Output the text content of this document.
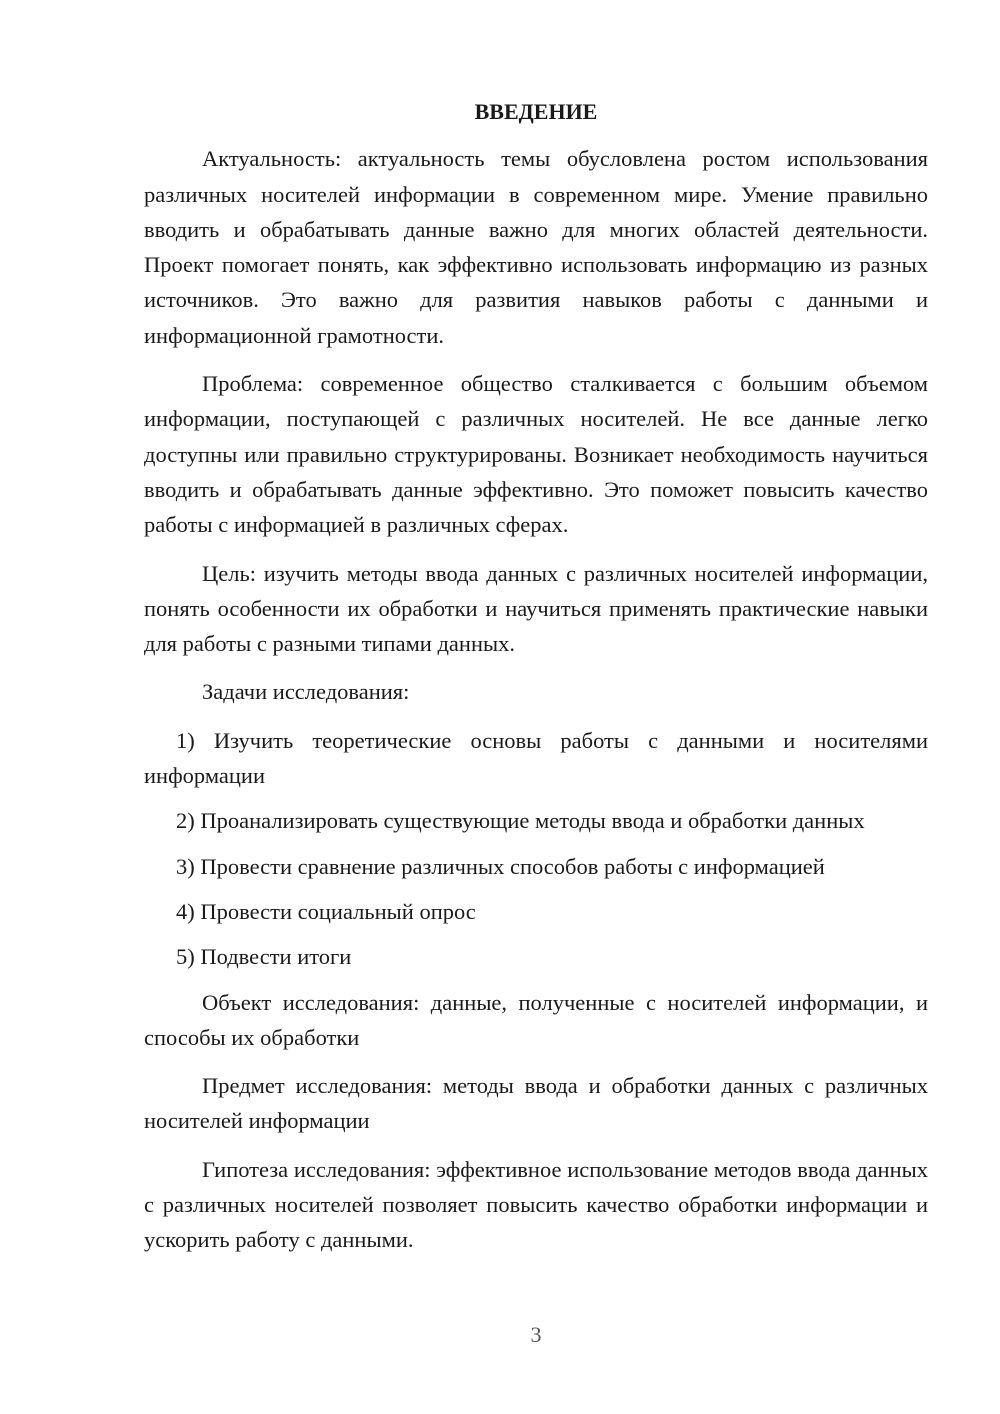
ВВЕДЕНИЕ

Актуальность: актуальность темы обусловлена ростом использования различных носителей информации в современном мире. Умение правильно вводить и обрабатывать данные важно для многих областей деятельности. Проект помогает понять, как эффективно использовать информацию из разных источников. Это важно для развития навыков работы с данными и информационной грамотности.

Проблема: современное общество сталкивается с большим объемом информации, поступающей с различных носителей. Не все данные легко доступны или правильно структурированы. Возникает необходимость научиться вводить и обрабатывать данные эффективно. Это поможет повысить качество работы с информацией в различных сферах.

Цель: изучить методы ввода данных с различных носителей информации, понять особенности их обработки и научиться применять практические навыки для работы с разными типами данных.

Задачи исследования:

1) Изучить теоретические основы работы с данными и носителями информации

2) Проанализировать существующие методы ввода и обработки данных

3) Провести сравнение различных способов работы с информацией

4) Провести социальный опрос

5) Подвести итоги

Объект исследования: данные, полученные с носителей информации, и способы их обработки

Предмет исследования: методы ввода и обработки данных с различных носителей информации

Гипотеза исследования: эффективное использование методов ввода данных с различных носителей позволяет повысить качество обработки информации и ускорить работу с данными.

3
